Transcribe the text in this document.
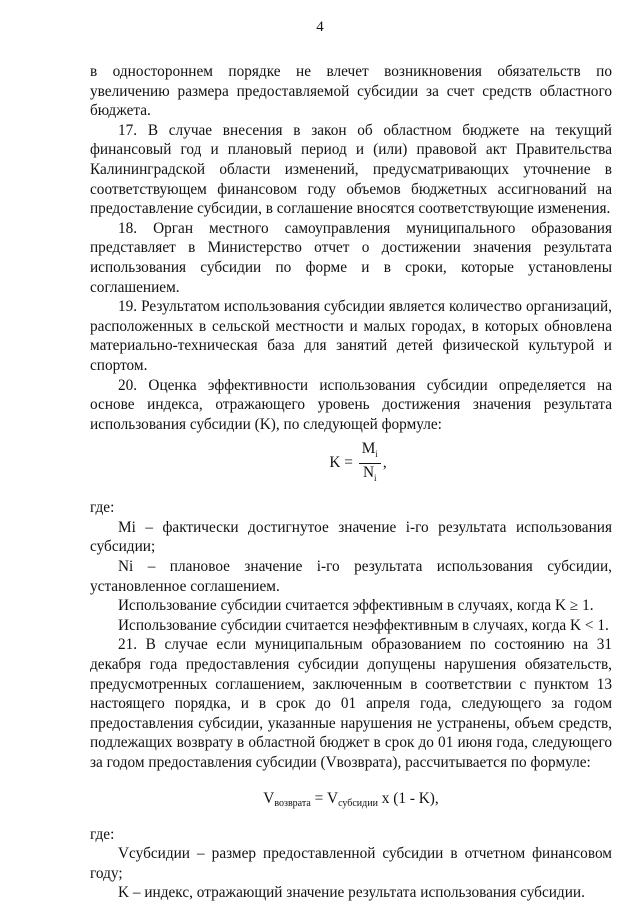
4

в одностороннем порядке не влечет возникновения обязательств по увеличению размера предоставляемой субсидии за счет средств областного бюджета.

17. В случае внесения в закон об областном бюджете на текущий финансовый год и плановый период и (или) правовой акт Правительства Калининградской области изменений, предусматривающих уточнение в соответствующем финансовом году объемов бюджетных ассигнований на предоставление субсидии, в соглашение вносятся соответствующие изменения.

18. Орган местного самоуправления муниципального образования представляет в Министерство отчет о достижении значения результата использования субсидии по форме и в сроки, которые установлены соглашением.

19. Результатом использования субсидии является количество организаций, расположенных в сельской местности и малых городах, в которых обновлена материально-техническая база для занятий детей физической культурой и спортом.

20. Оценка эффективности использования субсидии определяется на основе индекса, отражающего уровень достижения значения результата использования субсидии (K), по следующей формуле:

$K = \frac{M_i}{N_i}$ ,

где:

Mi – фактически достигнутое значение i-го результата использования субсидии;

Ni – плановое значение i-го результата использования субсидии, установленное соглашением.

Использование субсидии считается эффективным в случаях, когда K ≥ 1.

Использование субсидии считается неэффективным в случаях, когда K < 1.

21. В случае если муниципальным образованием по состоянию на 31 декабря года предоставления субсидии допущены нарушения обязательств, предусмотренных соглашением, заключенным в соответствии с пунктом 13 настоящего порядка, и в срок до 01 апреля года, следующего за годом предоставления субсидии, указанные нарушения не устранены, объем средств, подлежащих возврату в областной бюджет в срок до 01 июня года, следующего за годом предоставления субсидии (Vвозврата), рассчитывается по формуле:

$V_{возврата} = V_{субсидии}$ x (1 - K),

где:

Vсубсидии – размер предоставленной субсидии в отчетном финансовом году;

K – индекс, отражающий значение результата использования субсидии.
